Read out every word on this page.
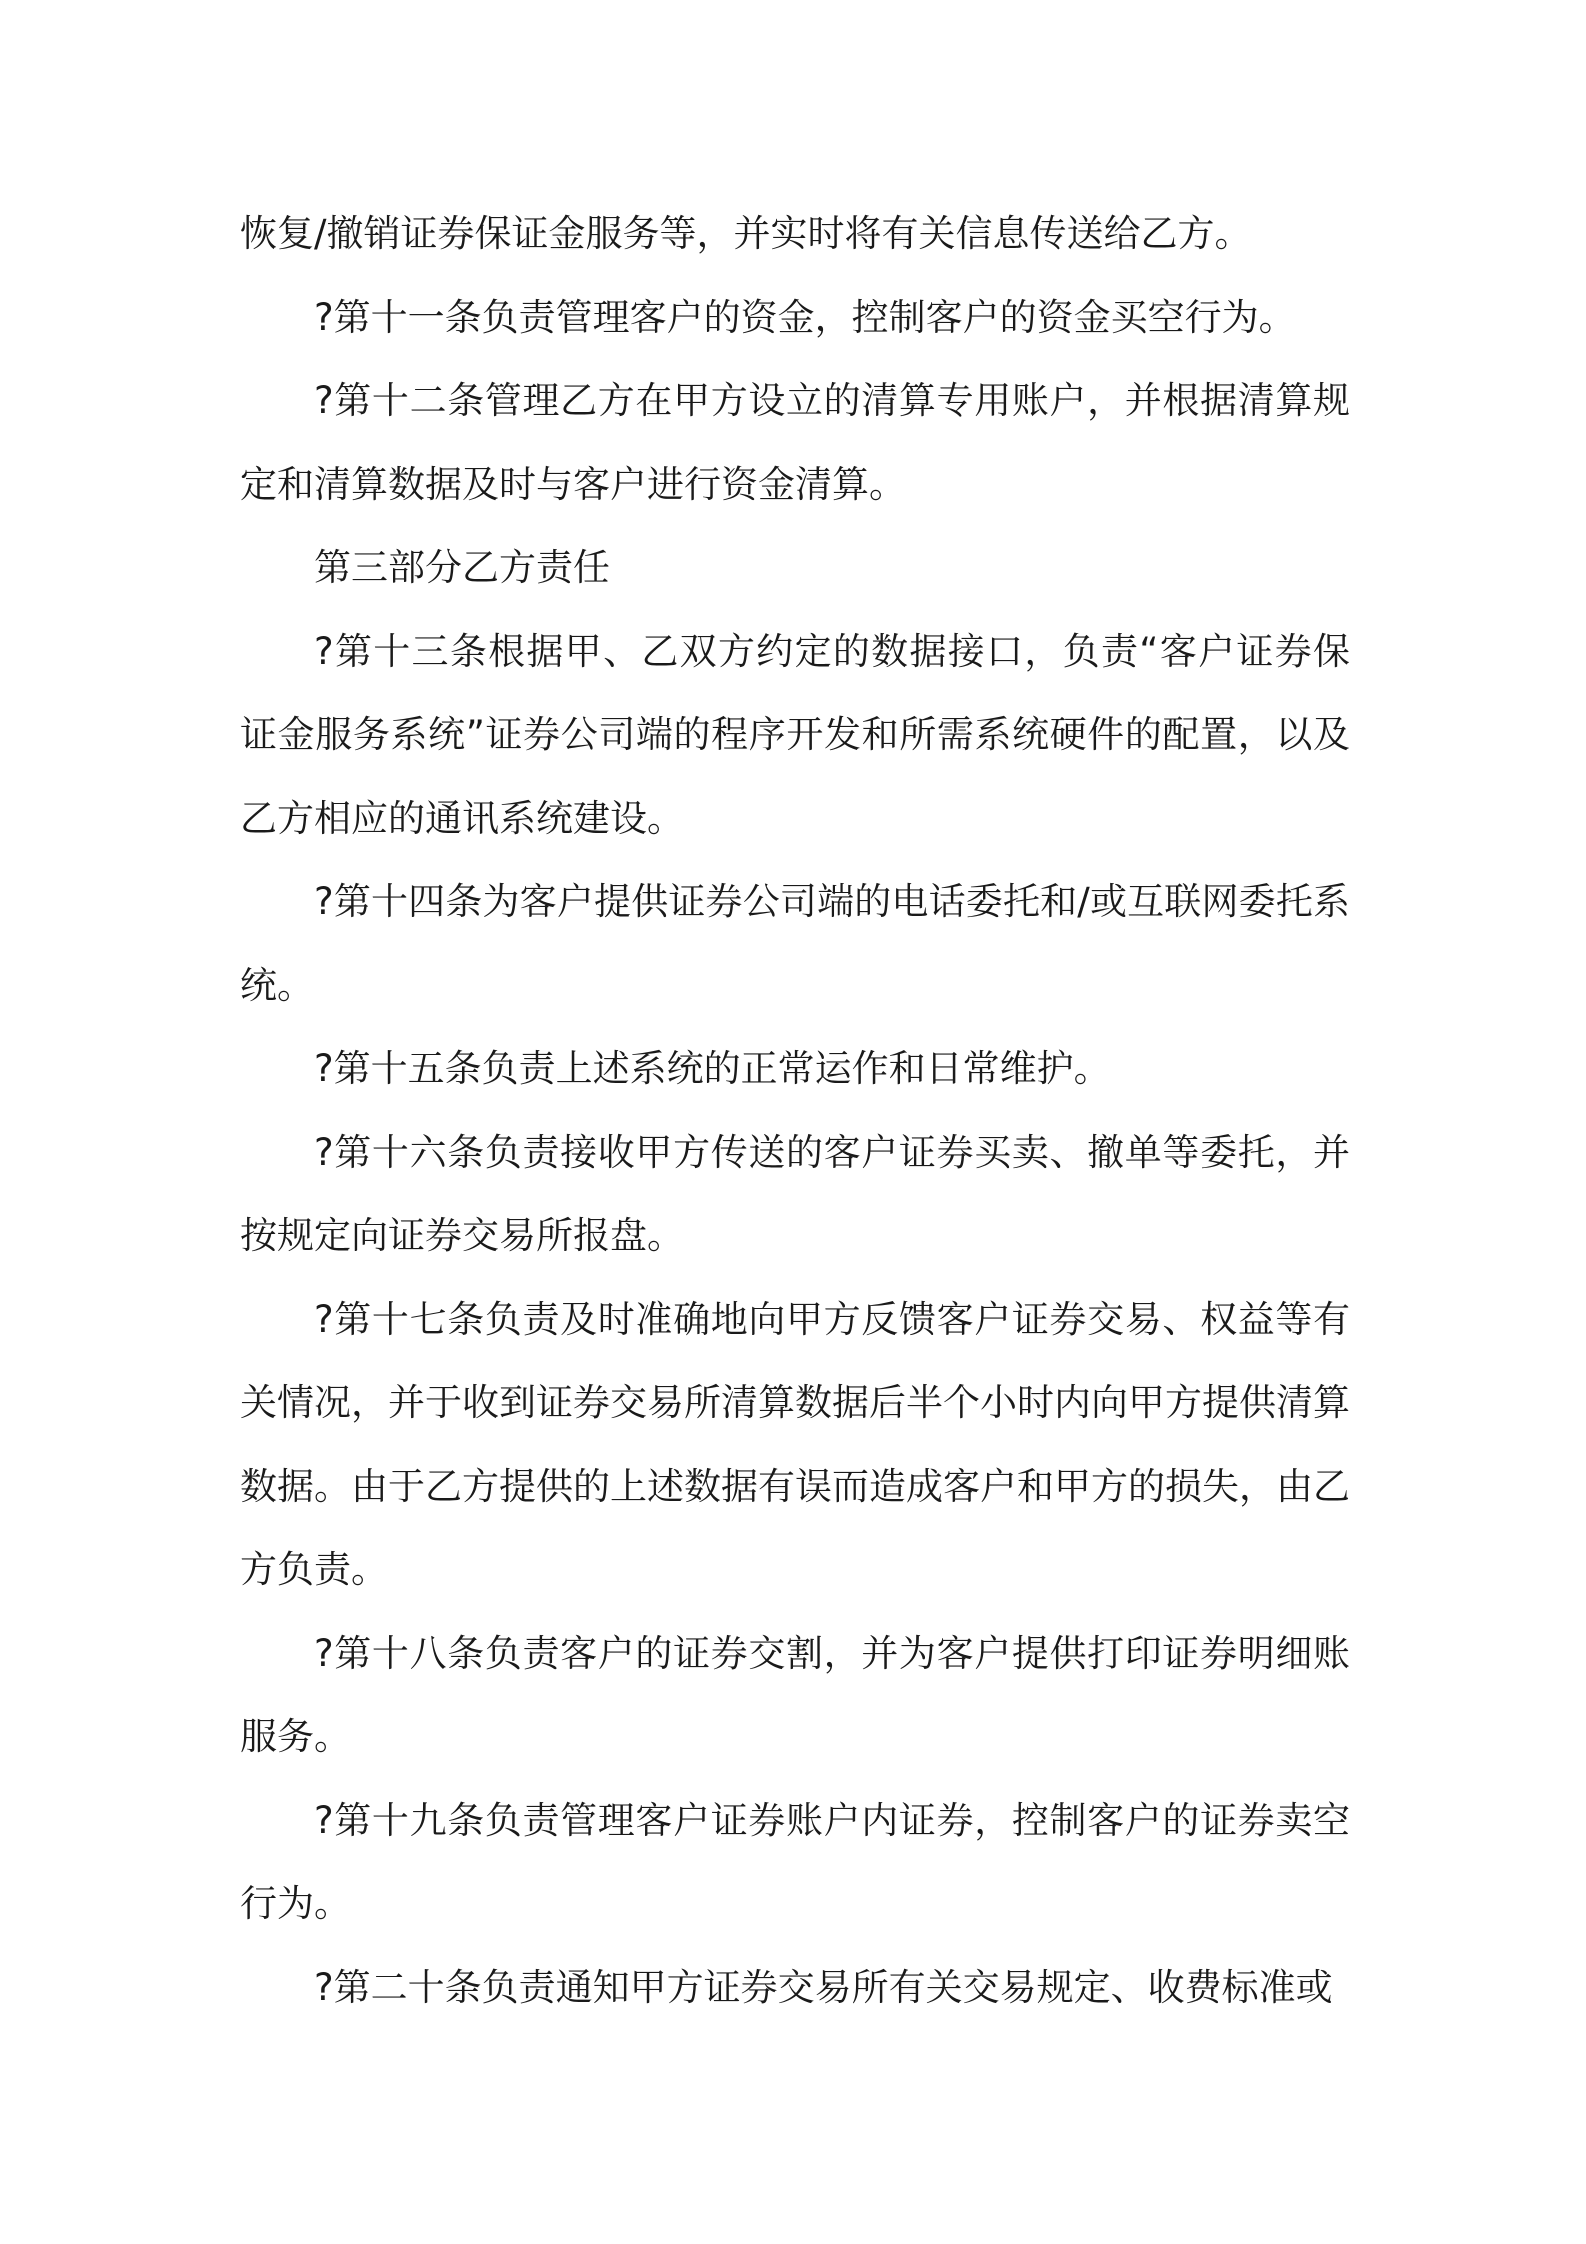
恢复/撤销证券保证金服务等，并实时将有关信息传送给乙方。

?第十一条负责管理客户的资金，控制客户的资金买空行为。

?第十二条管理乙方在甲方设立的清算专用账户，并根据清算规定和清算数据及时与客户进行资金清算。

第三部分乙方责任

?第十三条根据甲、乙双方约定的数据接口，负责“客户证券保证金服务系统”证券公司端的程序开发和所需系统硬件的配置，以及乙方相应的通讯系统建设。

?第十四条为客户提供证券公司端的电话委托和/或互联网委托系统。

?第十五条负责上述系统的正常运作和日常维护。

?第十六条负责接收甲方传送的客户证券买卖、撤单等委托，并按规定向证券交易所报盘。

?第十七条负责及时准确地向甲方反馈客户证券交易、权益等有关情况，并于收到证券交易所清算数据后半个小时内向甲方提供清算数据。由于乙方提供的上述数据有误而造成客户和甲方的损失，由乙方负责。

?第十八条负责客户的证券交割，并为客户提供打印证券明细账服务。

?第十九条负责管理客户证券账户内证券，控制客户的证券卖空行为。

?第二十条负责通知甲方证券交易所有关交易规定、收费标准或
